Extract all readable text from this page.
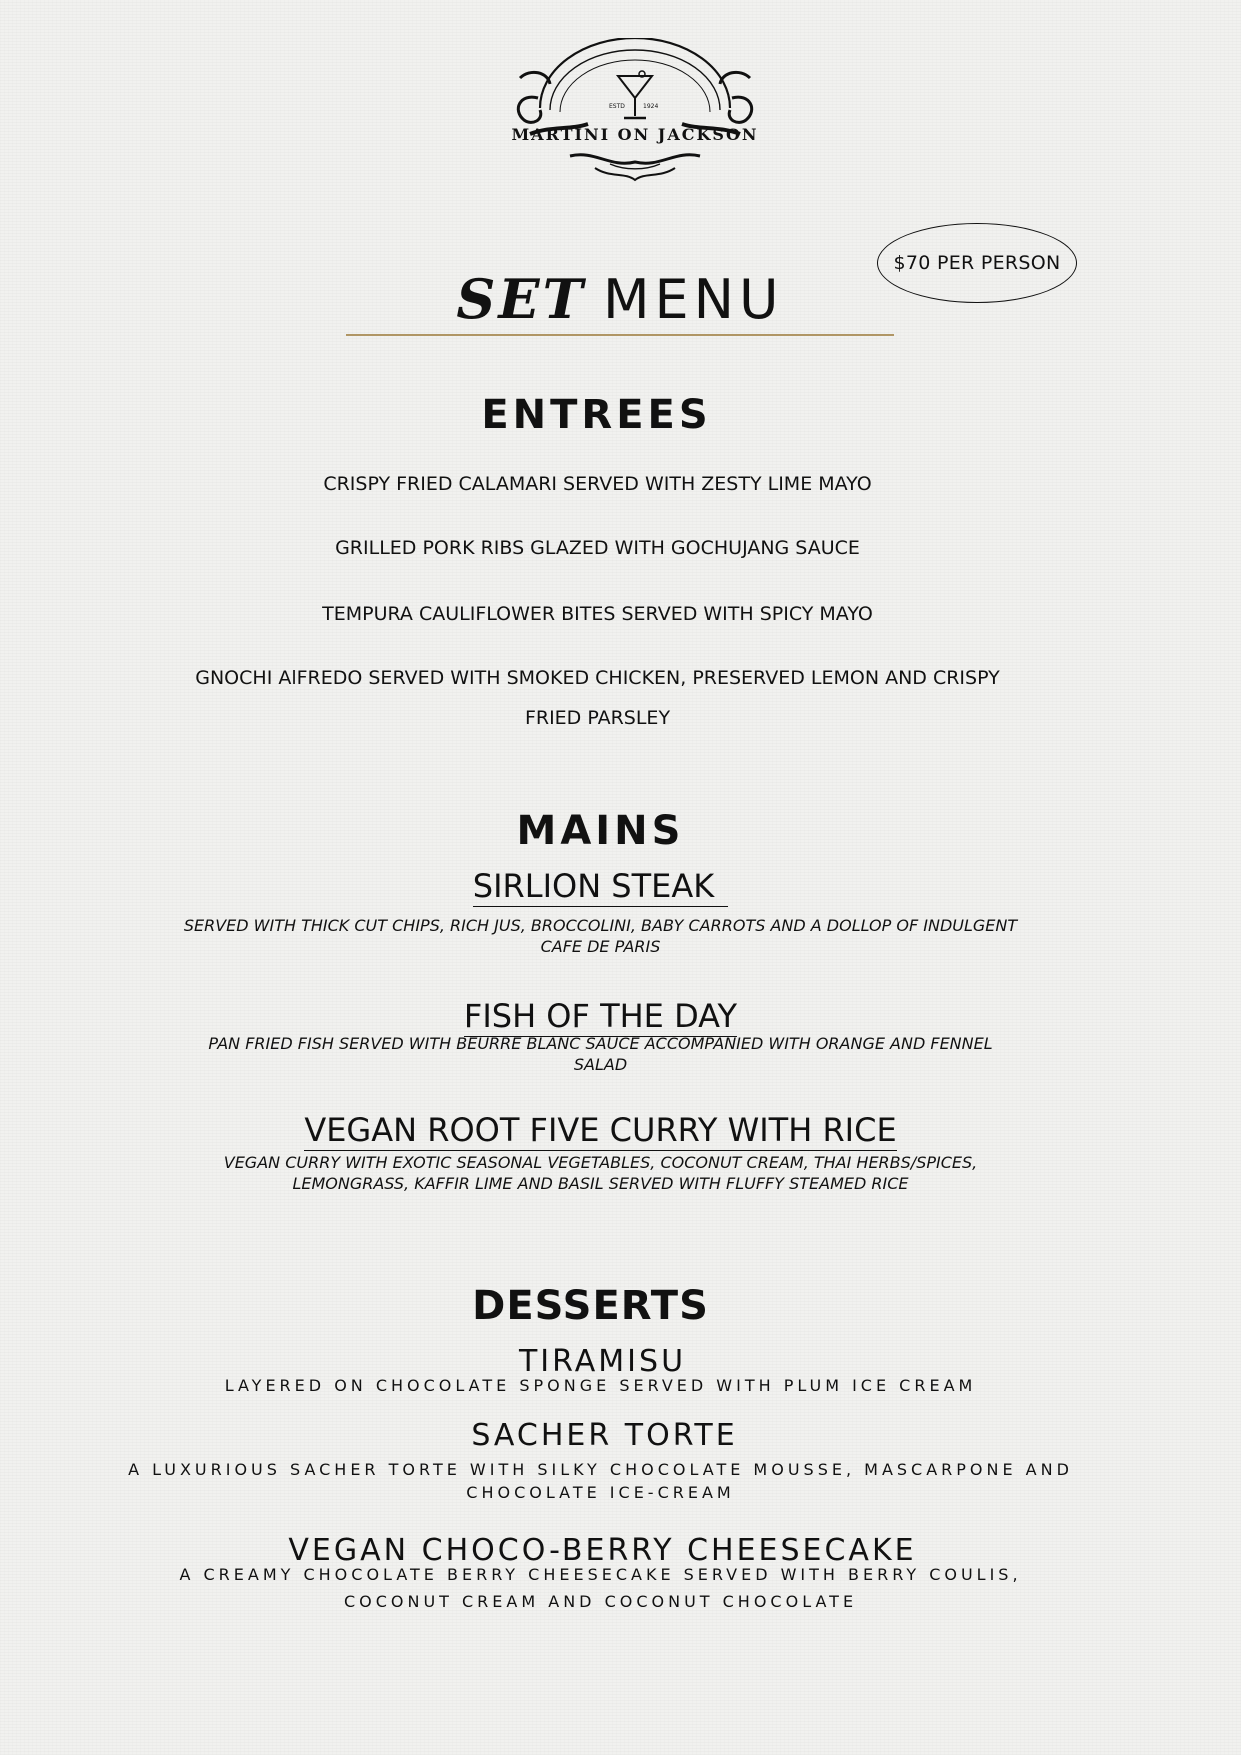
ESTD	1924
MARTINI ON JACKSON
$70 PER PERSON
SET MENU
ENTREES
CRISPY FRIED CALAMARI SERVED WITH ZESTY LIME MAYO
GRILLED PORK RIBS GLAZED WITH GOCHUJANG SAUCE
TEMPURA CAULIFLOWER BITES SERVED WITH SPICY MAYO
GNOCHI AlFREDO SERVED WITH SMOKED CHICKEN, PRESERVED LEMON AND CRISPY
FRIED PARSLEY
MAINS
SIRLION STEAK
SERVED WITH THICK CUT CHIPS, RICH JUS, BROCCOLINI, BABY CARROTS AND A DOLLOP OF INDULGENT
CAFE DE PARIS
FISH OF THE DAY
PAN FRIED FISH SERVED WITH BEURRE BLANC SAUCE ACCOMPANIED WITH ORANGE AND FENNEL
SALAD
VEGAN ROOT FIVE CURRY WITH RICE
VEGAN CURRY WITH EXOTIC SEASONAL VEGETABLES, COCONUT CREAM, THAI HERBS/SPICES,
LEMONGRASS, KAFFIR LIME AND BASIL SERVED WITH FLUFFY STEAMED RICE
DESSERTS
TIRAMISU
LAYERED ON CHOCOLATE SPONGE SERVED WITH PLUM ICE CREAM
SACHER TORTE
A LUXURIOUS SACHER TORTE WITH SILKY CHOCOLATE MOUSSE, MASCARPONE AND
CHOCOLATE ICE-CREAM
VEGAN CHOCO-BERRY CHEESECAKE
A CREAMY CHOCOLATE BERRY CHEESECAKE SERVED WITH BERRY COULIS,
COCONUT CREAM AND COCONUT CHOCOLATE
